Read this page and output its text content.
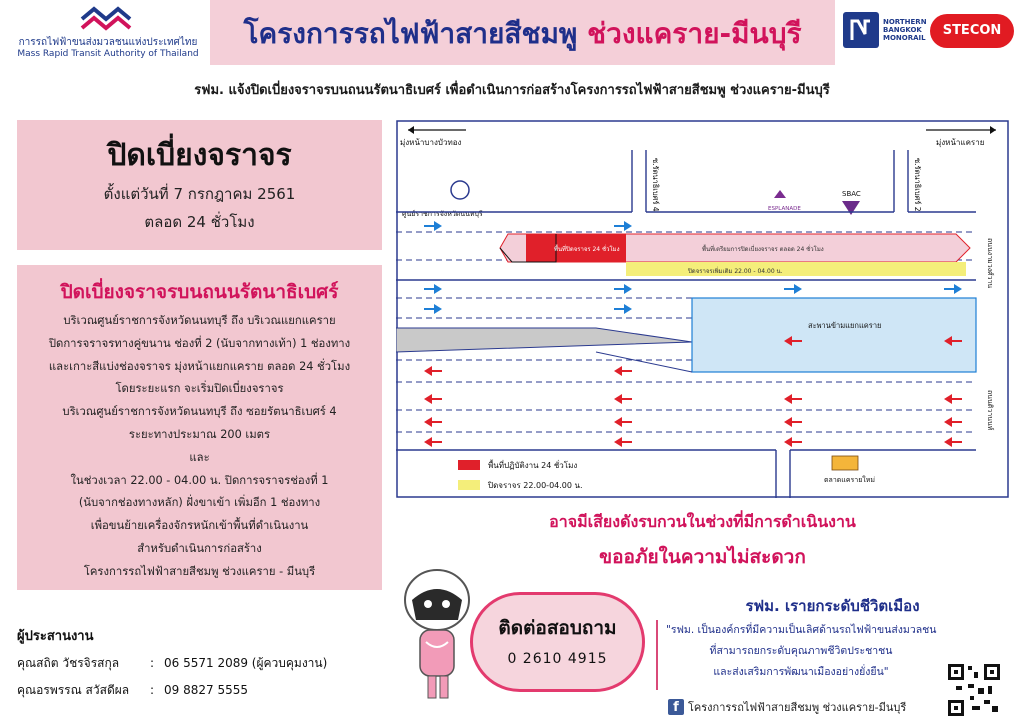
การรถไฟฟ้าขนส่งมวลชนแห่งประเทศไทย
Mass Rapid Transit Authority of Thailand
โครงการรถไฟฟ้าสายสีชมพู ช่วงแคราย-มีนบุรี	NORTHERN
BANGKOK
MONORAIL	STECON
รฟม. แจ้งปิดเบี่ยงจราจรบนถนนรัตนาธิเบศร์ เพื่อดำเนินการก่อสร้างโครงการรถไฟฟ้าสายสีชมพู ช่วงแคราย-มีนบุรี
ปิดเบี่ยงจราจร
ตั้งแต่วันที่ 7 กรกฎาคม 2561
ตลอด 24 ชั่วโมง
ปิดเบี่ยงจราจรบนถนนรัตนาธิเบศร์
บริเวณศูนย์ราชการจังหวัดนนทบุรี ถึง บริเวณแยกแคราย
ปิดการจราจรทางคู่ขนาน ช่องที่ 2 (นับจากทางเท้า) 1 ช่องทาง
และเกาะสีแบ่งช่องจราจร มุ่งหน้าแยกแคราย ตลอด 24 ชั่วโมง
โดยระยะแรก จะเริ่มปิดเบี่ยงจราจร
บริเวณศูนย์ราชการจังหวัดนนทบุรี ถึง ซอยรัตนาธิเบศร์ 4
ระยะทางประมาณ 200 เมตร
และ
ในช่วงเวลา 22.00 - 04.00 น. ปิดการจราจรช่องที่ 1
(นับจากช่องทางหลัก) ฝั่งขาเข้า เพิ่มอีก 1 ช่องทาง
เพื่อขนย้ายเครื่องจักรหนักเข้าพื้นที่ดำเนินงาน
สำหรับดำเนินการก่อสร้าง
โครงการรถไฟฟ้าสายสีชมพู ช่วงแคราย - มีนบุรี
ผู้ประสานงาน
คุณสถิต วัชรจิรสกุล	: 06 5571 2089 (ผู้ควบคุมงาน)
คุณอรพรรณ สวัสดีผล	: 09 8827 5555
มุ่งหน้าบางบัวทอง	มุ่งหน้าแคราย
ซ.รัตนาธิเบศร์ 4	ซ.รัตนาธิเบศร์ 2
ศูนย์ราชการจังหวัดนนทบุรี
ESPLANADE
SBAC
สะพานข้ามแยกแคราย
พื้นที่ปิดจราจร 24 ชั่วโมง	พื้นที่เตรียมการปิดเบี่ยงจราจร ตลอด 24 ชั่วโมง
ปิดจราจรเพิ่มเติม 22.00 - 04.00 น.	ถนนงามวงศ์วาน
ถนนติวานนท์
ตลาดแครายใหม่
พื้นที่ปฏิบัติงาน 24 ชั่วโมง
ปิดจราจร 22.00-04.00 น.
อาจมีเสียงดังรบกวนในช่วงที่มีการดำเนินงาน
ขออภัยในความไม่สะดวก
ติดต่อสอบถาม
0 2610 4915
รฟม. เรายกระดับชีวิตเมือง
"รฟม. เป็นองค์กรที่มีความเป็นเลิศด้านรถไฟฟ้าขนส่งมวลชน
ที่สามารถยกระดับคุณภาพชีวิตประชาชน
และส่งเสริมการพัฒนาเมืองอย่างยั่งยืน"
f โครงการรถไฟฟ้าสายสีชมพู ช่วงแคราย-มีนบุรี
